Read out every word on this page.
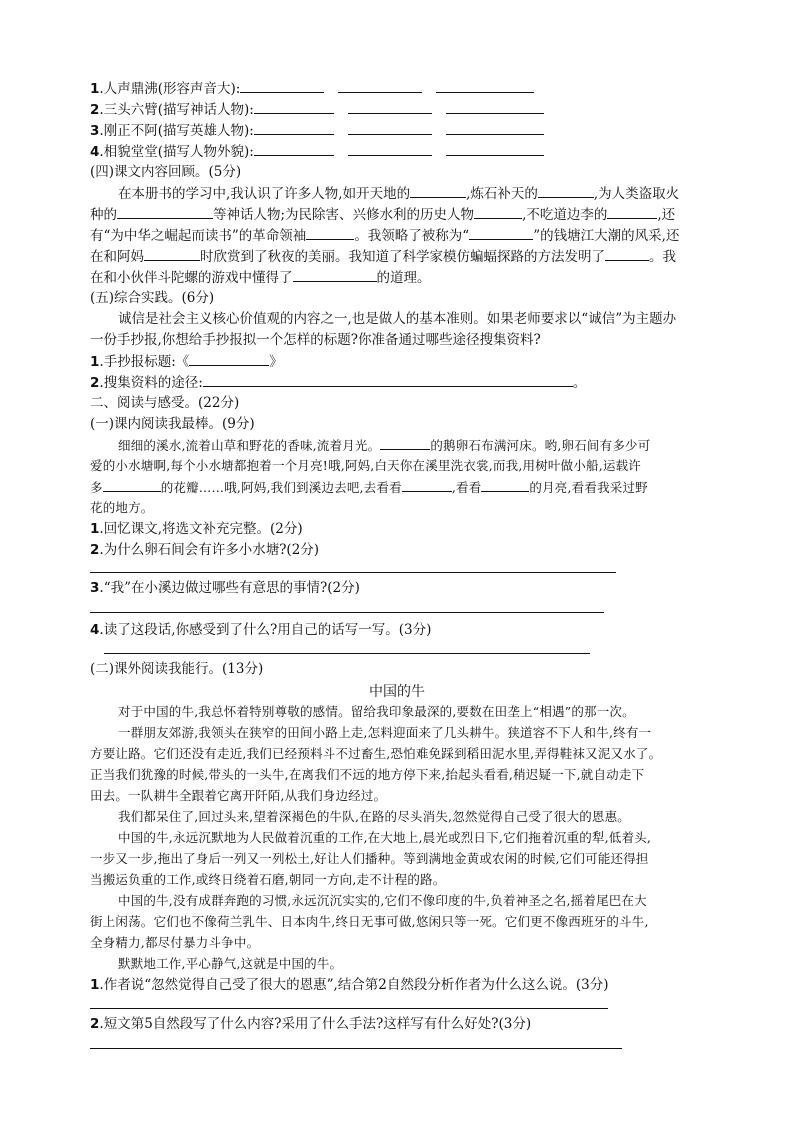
1.人声鼎沸(形容声音大):
2.三头六臂(描写神话人物):
3.刚正不阿(描写英雄人物):
4.相貌堂堂(描写人物外貌):
(四)课文内容回顾。(5分)
在本册书的学习中,我认识了许多人物,如开天地的	,炼石补天的	,为人类盗取火
种的	等神话人物;为民除害、兴修水利的历史人物	,不吃道边李的	,还
有“为中华之崛起而读书”的革命领袖	。我领略了被称为“	”的钱塘江大潮的风采,还
在和阿妈	时欣赏到了秋夜的美丽。我知道了科学家模仿蝙蝠探路的方法发明了	。我
在和小伙伴斗陀螺的游戏中懂得了	的道理。
(五)综合实践。(6分)
诚信是社会主义核心价值观的内容之一,也是做人的基本准则。如果老师要求以“诚信”为主题办
一份手抄报,你想给手抄报拟一个怎样的标题?你准备通过哪些途径搜集资料?
1.手抄报标题:《	》
2.搜集资料的途径:	。
二、阅读与感受。(22分)
(一)课内阅读我最棒。(9分)
细细的溪水,流着山草和野花的香味,流着月光。	的鹅卵石布满河床。哟,卵石间有多少可
爱的小水塘啊,每个小水塘都抱着一个月亮!哦,阿妈,白天你在溪里洗衣裳,而我,用树叶做小船,运载许
多	的花瓣……哦,阿妈,我们到溪边去吧,去看看	,看看	的月亮,看看我采过野
花的地方。
1.回忆课文,将选文补充完整。(2分)
2.为什么卵石间会有许多小水塘?(2分)
3.“我”在小溪边做过哪些有意思的事情?(2分)
4.读了这段话,你感受到了什么?用自己的话写一写。(3分)
(二)课外阅读我能行。(13分)
中国的牛
对于中国的牛,我总怀着特别尊敬的感情。留给我印象最深的,要数在田垄上“相遇”的那一次。
一群朋友郊游,我领头在狭窄的田间小路上走,怎料迎面来了几头耕牛。狭道容不下人和牛,终有一
方要让路。它们还没有走近,我们已经预料斗不过畜生,恐怕难免踩到稻田泥水里,弄得鞋袜又泥又水了。
正当我们犹豫的时候,带头的一头牛,在离我们不远的地方停下来,抬起头看看,稍迟疑一下,就自动走下
田去。一队耕牛全跟着它离开阡陌,从我们身边经过。
我们都呆住了,回过头来,望着深褐色的牛队,在路的尽头消失,忽然觉得自己受了很大的恩惠。
中国的牛,永远沉默地为人民做着沉重的工作,在大地上,晨光或烈日下,它们拖着沉重的犁,低着头,
一步又一步,拖出了身后一列又一列松土,好让人们播种。等到满地金黄或农闲的时候,它们可能还得担
当搬运负重的工作,或终日绕着石磨,朝同一方向,走不计程的路。
中国的牛,没有成群奔跑的习惯,永远沉沉实实的,它们不像印度的牛,负着神圣之名,摇着尾巴在大
街上闲荡。它们也不像荷兰乳牛、日本肉牛,终日无事可做,悠闲只等一死。它们更不像西班牙的斗牛,
全身精力,都尽付暴力斗争中。
默默地工作,平心静气,这就是中国的牛。
1.作者说“忽然觉得自己受了很大的恩惠”,结合第2自然段分析作者为什么这么说。(3分)
2.短文第5自然段写了什么内容?采用了什么手法?这样写有什么好处?(3分)
